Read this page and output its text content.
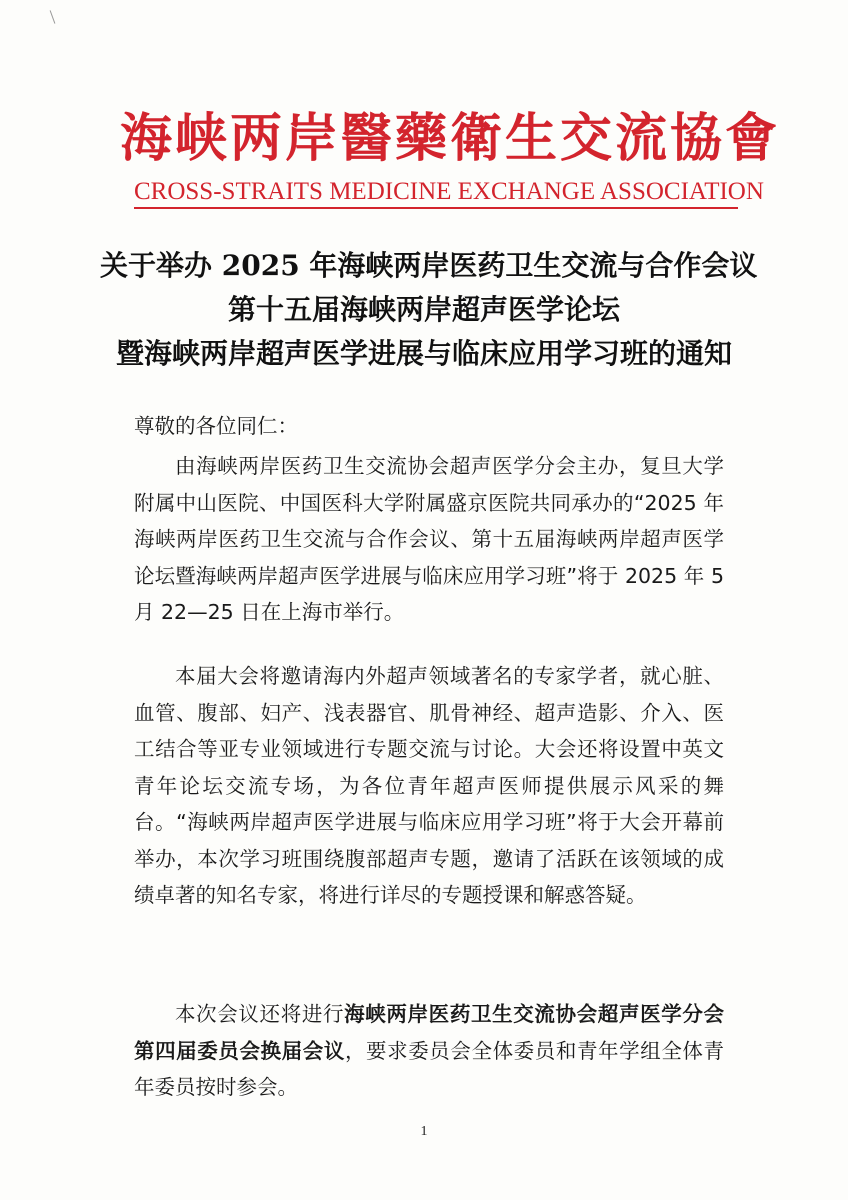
海峡两岸醫藥衛生交流協會
CROSS-STRAITS MEDICINE EXCHANGE ASSOCIATION
关于举办 2025 年海峡两岸医药卫生交流与合作会议
第十五届海峡两岸超声医学论坛
暨海峡两岸超声医学进展与临床应用学习班的通知
尊敬的各位同仁：

由海峡两岸医药卫生交流协会超声医学分会主办，复旦大学附属中山医院、中国医科大学附属盛京医院共同承办的“2025 年海峡两岸医药卫生交流与合作会议、第十五届海峡两岸超声医学论坛暨海峡两岸超声医学进展与临床应用学习班”将于 2025 年 5 月 22—25 日在上海市举行。

本届大会将邀请海内外超声领域著名的专家学者，就心脏、血管、腹部、妇产、浅表器官、肌骨神经、超声造影、介入、医工结合等亚专业领域进行专题交流与讨论。大会还将设置中英文青年论坛交流专场，为各位青年超声医师提供展示风采的舞台。“海峡两岸超声医学进展与临床应用学习班”将于大会开幕前举办，本次学习班围绕腹部超声专题，邀请了活跃在该领域的成绩卓著的知名专家，将进行详尽的专题授课和解惑答疑。

本次会议还将进行海峡两岸医药卫生交流协会超声医学分会第四届委员会换届会议，要求委员会全体委员和青年学组全体青年委员按时参会。

1
